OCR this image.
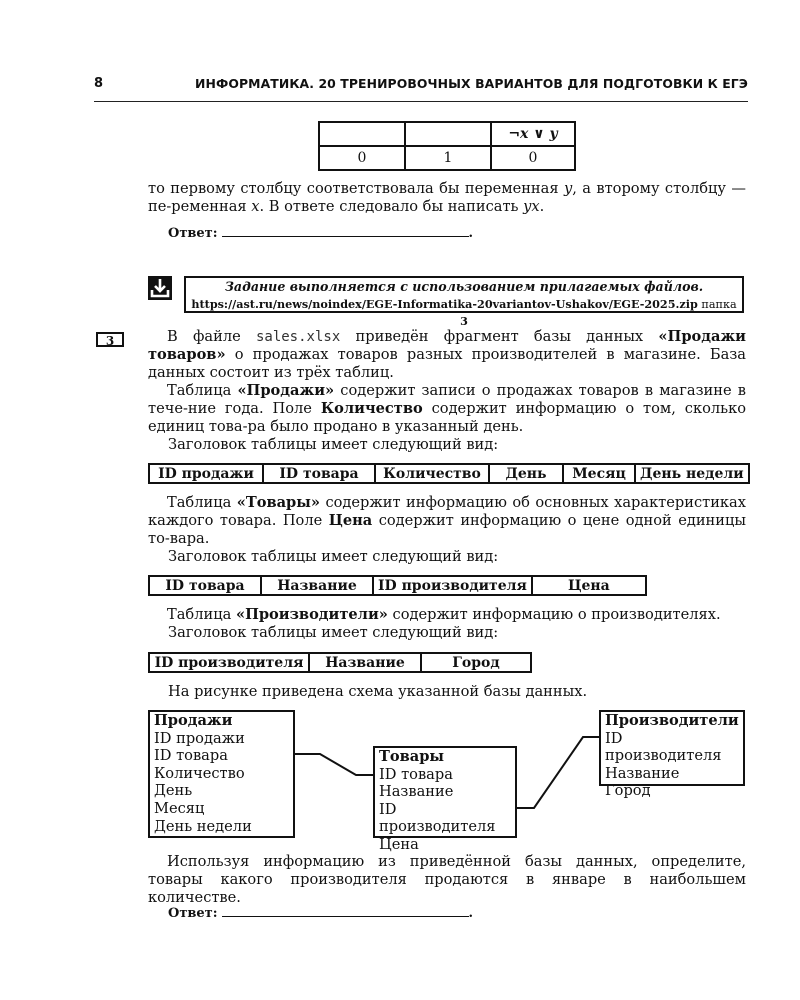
8	ИНФОРМАТИКА. 20 ТРЕНИРОВОЧНЫХ ВАРИАНТОВ ДЛЯ ПОДГОТОВКИ К ЕГЭ
		¬x ∨ y
0	1	0
то первому столбцу соответствовала бы переменная y, а второму столбцу — пе-ременная x. В ответе следовало бы написать yx.
Ответ:	.
Задание выполняется с использованием прилагаемых файлов.
https://ast.ru/news/noindex/EGE-Informatika-20variantov-Ushakov/EGE-2025.zip папка 3
3	В файле sales.xlsx приведён фрагмент базы данных «Продажи товаров» о продажах товаров разных производителей в магазине. База данных состоит из трёх таблиц.
Таблица «Продажи» содержит записи о продажах товаров в магазине в тече-ние года. Поле Количество содержит информацию о том, сколько единиц това-ра было продано в указанный день.
Заголовок таблицы имеет следующий вид:
ID продажи	ID товара	Количество	День	Месяц	День недели
Таблица «Товары» содержит информацию об основных характеристиках каждого товара. Поле Цена содержит информацию о цене одной единицы то-вара.
Заголовок таблицы имеет следующий вид:
ID товара	Название	ID производителя	Цена
Таблица «Производители» содержит информацию о производителях.
Заголовок таблицы имеет следующий вид:
ID производителя	Название	Город
На рисунке приведена схема указанной базы данных.
Продажи
ID продажи
ID товара
Количество
День
Месяц
День недели
Товары
ID товара
Название
ID производителя
Цена
Производители
ID производителя
Название
Город
Используя информацию из приведённой базы данных, определите, товары какого производителя продаются в январе в наибольшем количестве.
Ответ:	.
